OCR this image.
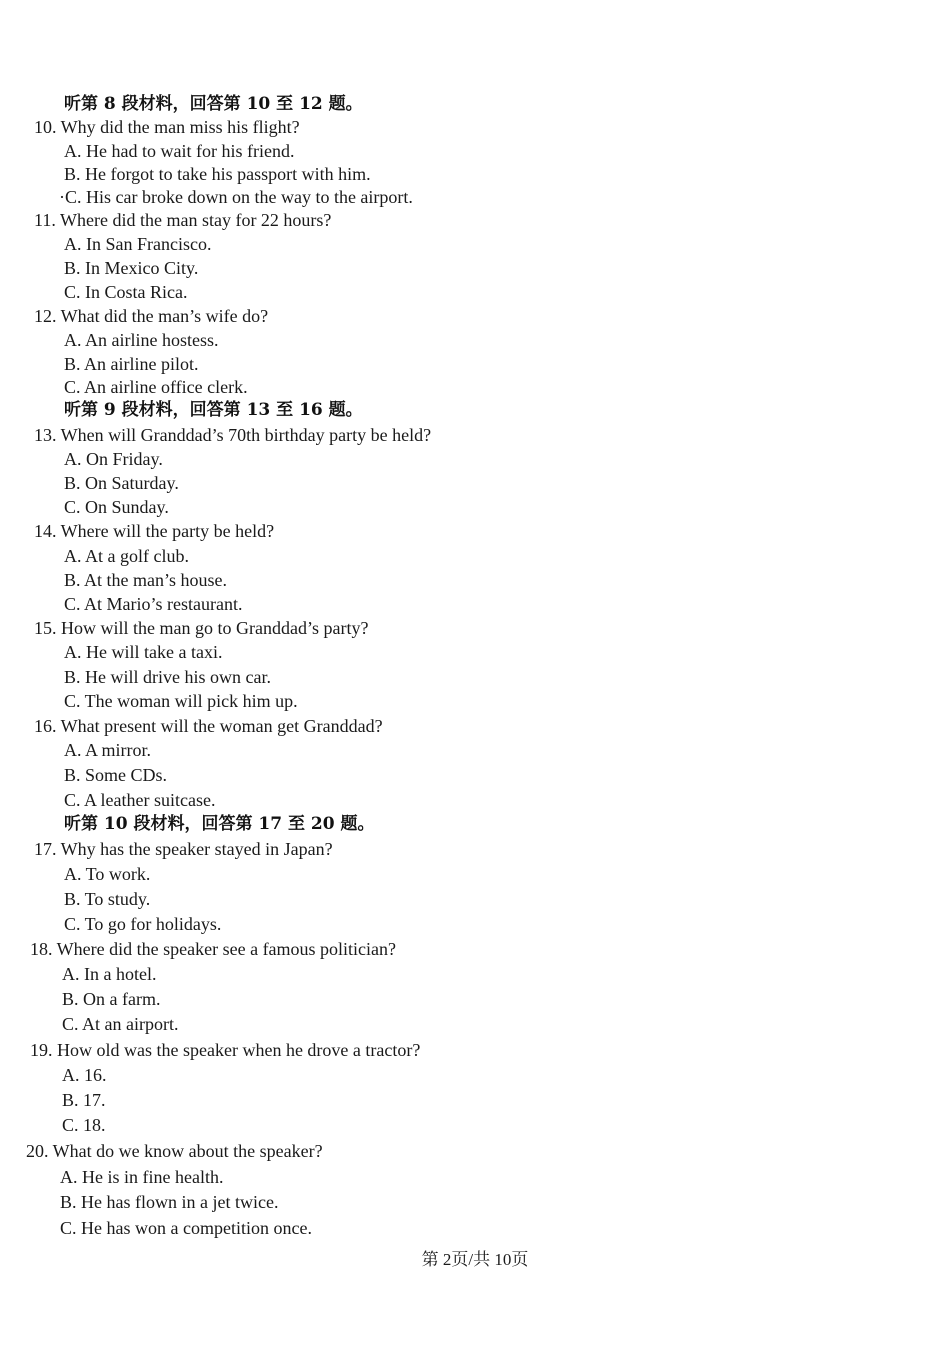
听第 8 段材料，回答第 10 至 12 题。
10. Why did the man miss his flight?
A. He had to wait for his friend.
B. He forgot to take his passport with him.
·C. His car broke down on the way to the airport.
11. Where did the man stay for 22 hours?
A. In San Francisco.
B. In Mexico City.
C. In Costa Rica.
12. What did the man’s wife do?
A. An airline hostess.
B. An airline pilot.
C. An airline office clerk.
听第 9 段材料，回答第 13 至 16 题。
13. When will Granddad’s 70th birthday party be held?
A. On Friday.
B. On Saturday.
C. On Sunday.
14. Where will the party be held?
A. At a golf club.
B. At the man’s house.
C. At Mario’s restaurant.
15. How will the man go to Granddad’s party?
A. He will take a taxi.
B. He will drive his own car.
C. The woman will pick him up.
16. What present will the woman get Granddad?
A. A mirror.
B. Some CDs.
C. A leather suitcase.
听第 10 段材料，回答第 17 至 20 题。
17. Why has the speaker stayed in Japan?
A. To work.
B. To study.
C. To go for holidays.
18. Where did the speaker see a famous politician?
A. In a hotel.
B. On a farm.
C. At an airport.
19. How old was the speaker when he drove a tractor?
A. 16.
B. 17.
C. 18.
20. What do we know about the speaker?
A. He is in fine health.
B. He has flown in a jet twice.
C. He has won a competition once.
第 2页/共 10页
